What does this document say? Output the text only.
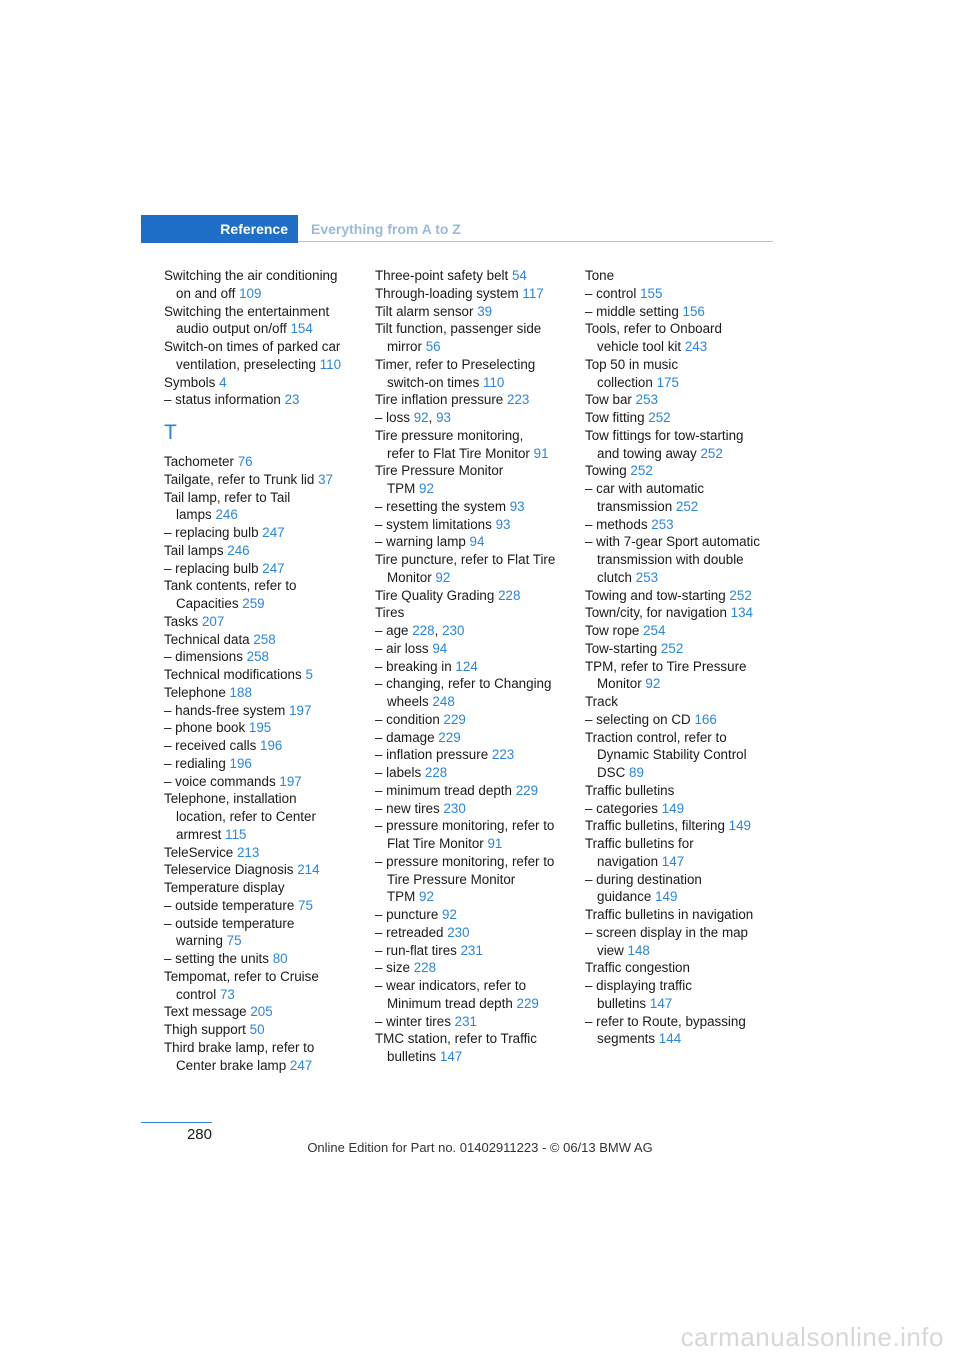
Reference	Everything from A to Z
Switching the air conditioning
on and off 109
Switching the entertainment
audio output on/off 154
Switch-on times of parked car
ventilation, preselecting 110
Symbols 4
– status information 23
T
Tachometer 76
Tailgate, refer to Trunk lid 37
Tail lamp, refer to Tail
lamps 246
– replacing bulb 247
Tail lamps 246
– replacing bulb 247
Tank contents, refer to
Capacities 259
Tasks 207
Technical data 258
– dimensions 258
Technical modifications 5
Telephone 188
– hands-free system 197
– phone book 195
– received calls 196
– redialing 196
– voice commands 197
Telephone, installation
location, refer to Center
armrest 115
TeleService 213
Teleservice Diagnosis 214
Temperature display
– outside temperature 75
– outside temperature
warning 75
– setting the units 80
Tempomat, refer to Cruise
control 73
Text message 205
Thigh support 50
Third brake lamp, refer to
Center brake lamp 247
Three-point safety belt 54
Through-loading system 117
Tilt alarm sensor 39
Tilt function, passenger side
mirror 56
Timer, refer to Preselecting
switch-on times 110
Tire inflation pressure 223
– loss 92, 93
Tire pressure monitoring,
refer to Flat Tire Monitor 91
Tire Pressure Monitor
TPM 92
– resetting the system 93
– system limitations 93
– warning lamp 94
Tire puncture, refer to Flat Tire
Monitor 92
Tire Quality Grading 228
Tires
– age 228, 230
– air loss 94
– breaking in 124
– changing, refer to Changing
wheels 248
– condition 229
– damage 229
– inflation pressure 223
– labels 228
– minimum tread depth 229
– new tires 230
– pressure monitoring, refer to
Flat Tire Monitor 91
– pressure monitoring, refer to
Tire Pressure Monitor
TPM 92
– puncture 92
– retreaded 230
– run-flat tires 231
– size 228
– wear indicators, refer to
Minimum tread depth 229
– winter tires 231
TMC station, refer to Traffic
bulletins 147
Tone
– control 155
– middle setting 156
Tools, refer to Onboard
vehicle tool kit 243
Top 50 in music
collection 175
Tow bar 253
Tow fitting 252
Tow fittings for tow-starting
and towing away 252
Towing 252
– car with automatic
transmission 252
– methods 253
– with 7-gear Sport automatic
transmission with double
clutch 253
Towing and tow-starting 252
Town/city, for navigation 134
Tow rope 254
Tow-starting 252
TPM, refer to Tire Pressure
Monitor 92
Track
– selecting on CD 166
Traction control, refer to
Dynamic Stability Control
DSC 89
Traffic bulletins
– categories 149
Traffic bulletins, filtering 149
Traffic bulletins for
navigation 147
– during destination
guidance 149
Traffic bulletins in navigation
– screen display in the map
view 148
Traffic congestion
– displaying traffic
bulletins 147
– refer to Route, bypassing
segments 144
280
Online Edition for Part no. 01402911223 - © 06/13 BMW AG
carmanualsonline.info
